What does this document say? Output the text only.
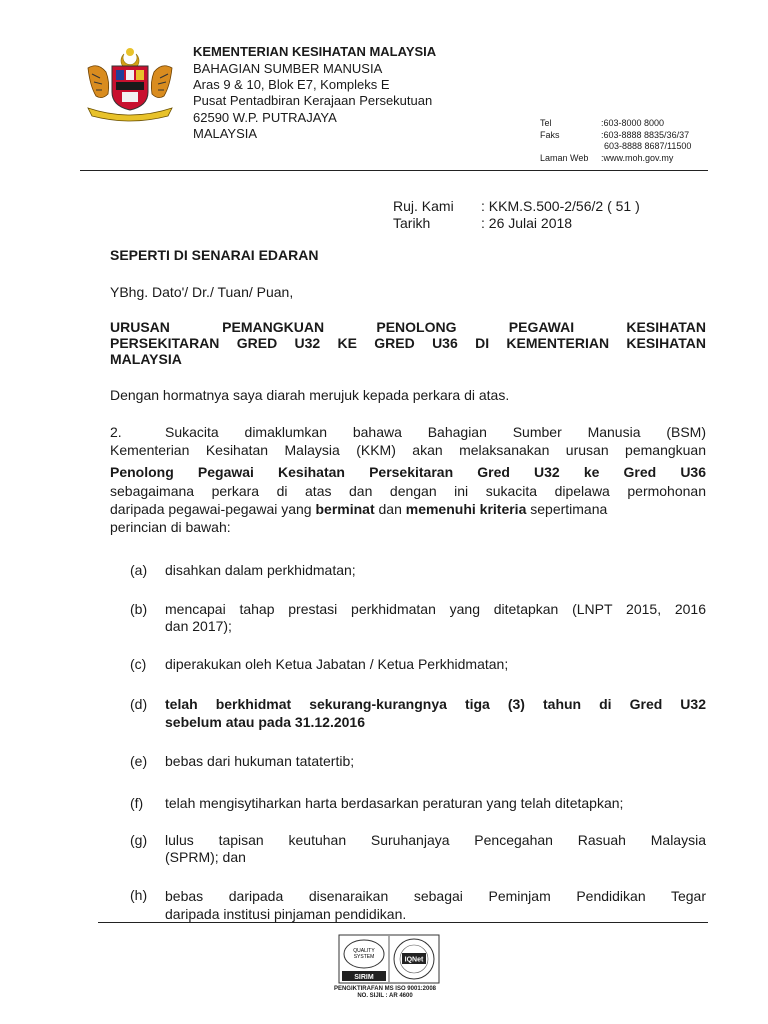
KEMENTERIAN KESIHATAN MALAYSIA
BAHAGIAN SUMBER MANUSIA
Aras 9 & 10, Blok E7, Kompleks E
Pusat Pentadbiran Kerajaan Persekutuan
62590 W.P. PUTRAJAYA
MALAYSIA
Tel	:603-8000 8000
Faks	:603-8888 8835/36/37
603-8888 8687/11500
Laman Web :www.moh.gov.my
Ruj. Kami : KKM.S.500-2/56/2 ( 51 )
Tarikh	: 26 Julai 2018
SEPERTI DI SENARAI EDARAN
YBhg. Dato'/ Dr./ Tuan/ Puan,
URUSAN PEMANGKUAN PENOLONG PEGAWAI KESIHATAN
PERSEKITARAN GRED U32 KE GRED U36 DI KEMENTERIAN KESIHATAN
MALAYSIA
Dengan hormatnya saya diarah merujuk kepada perkara di atas.
2.	Sukacita dimaklumkan bahawa Bahagian Sumber Manusia (BSM)
Kementerian Kesihatan Malaysia (KKM) akan melaksanakan urusan pemangkuan
Penolong Pegawai Kesihatan Persekitaran Gred U32 ke Gred U36
sebagaimana perkara di atas dan dengan ini sukacita dipelawa permohonan
daripada pegawai-pegawai yang berminat dan memenuhi kriteria sepertimana
perincian di bawah:
(a) disahkan dalam perkhidmatan;
(b) mencapai tahap prestasi perkhidmatan yang ditetapkan (LNPT 2015, 2016
dan 2017);
(c) diperakukan oleh Ketua Jabatan / Ketua Perkhidmatan;
(d) telah berkhidmat sekurang-kurangnya tiga (3) tahun di Gred U32
sebelum atau pada 31.12.2016
(e) bebas dari hukuman tatatertib;
(f) telah mengisytiharkan harta berdasarkan peraturan yang telah ditetapkan;
(g) lulus tapisan keutuhan Suruhanjaya Pencegahan Rasuah Malaysia
(SPRM); dan
(h) bebas daripada disenaraikan sebagai Peminjam Pendidikan Tegar
daripada institusi pinjaman pendidikan.
QUALITY
SYSTEM
SIRIM
IQNet
PENGIKTIRAFAN MS ISO 9001:2008
NO. SIJIL : AR 4600
